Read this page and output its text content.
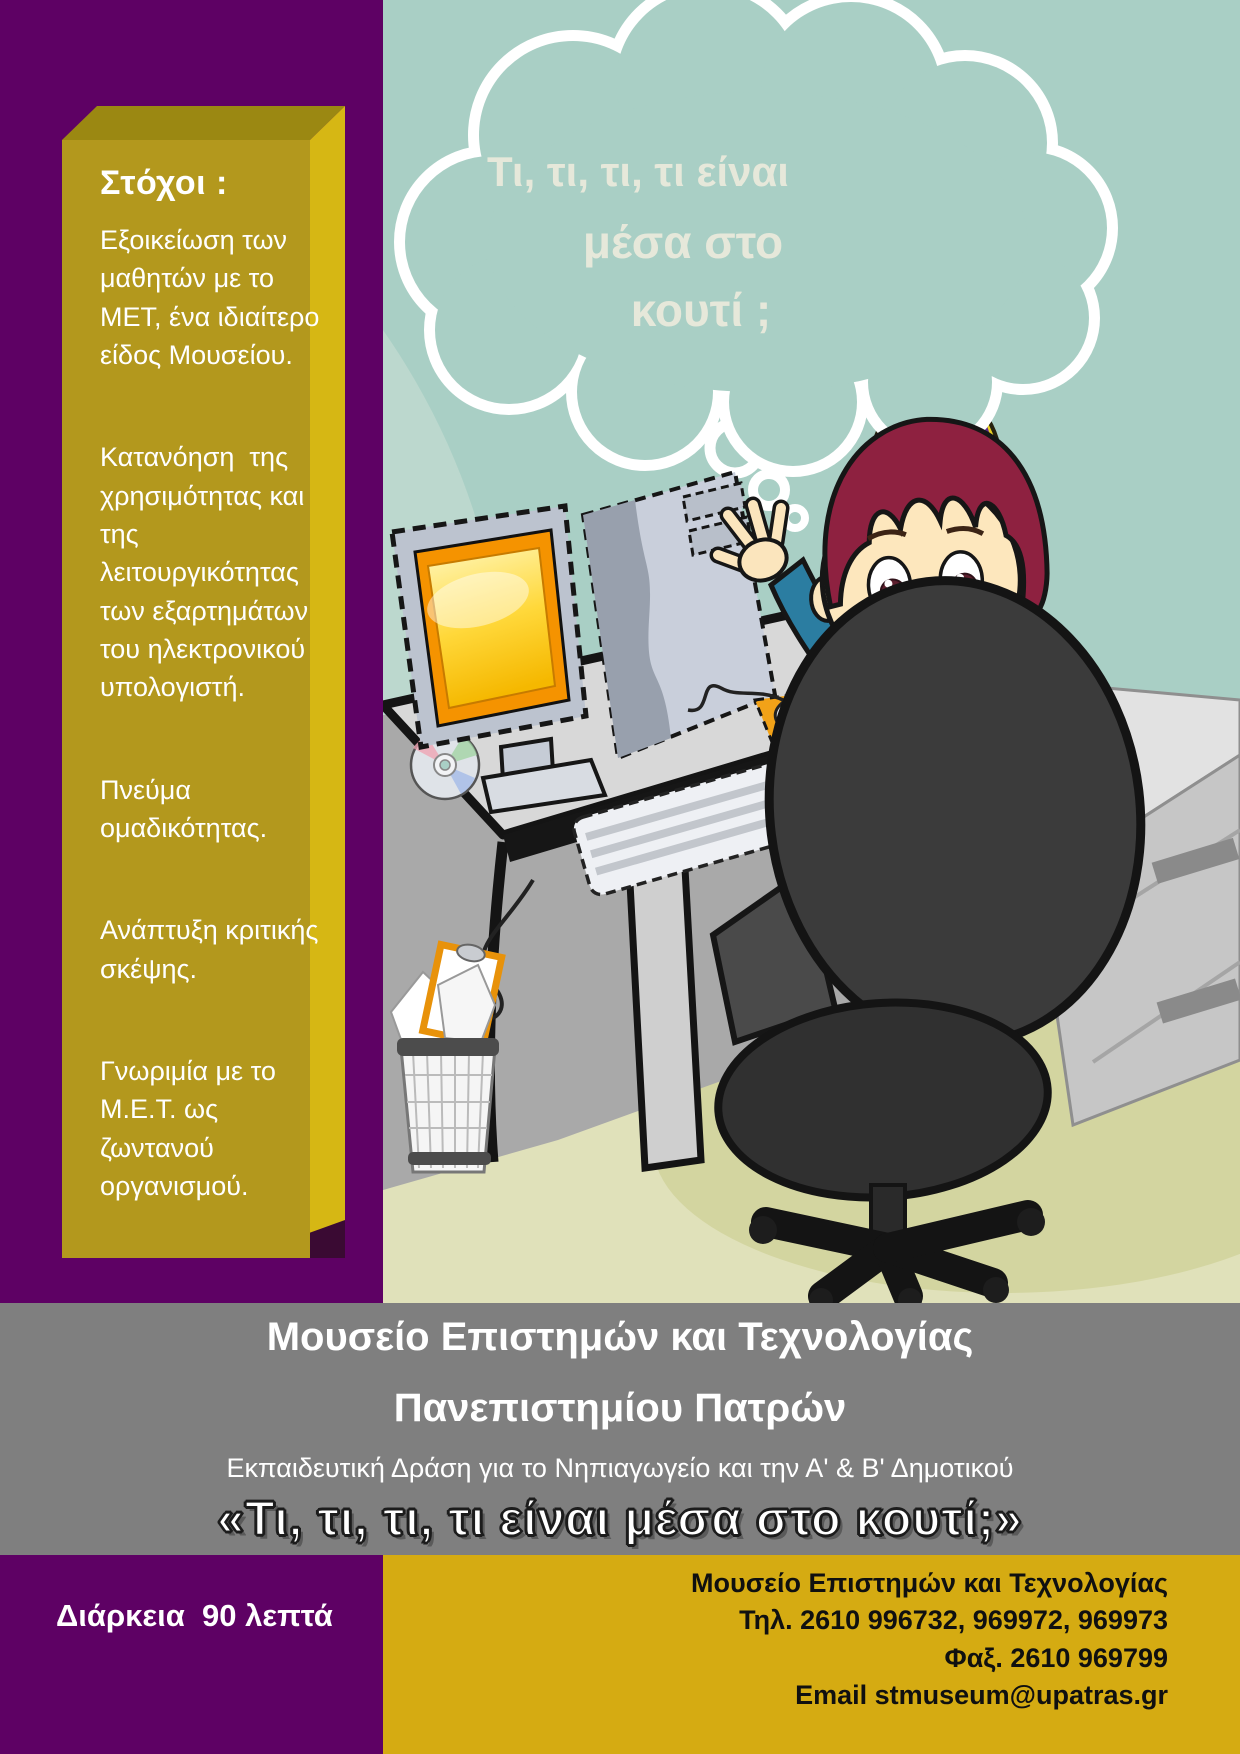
Στόχοι :

Εξοικείωση των μαθητών με το ΜΕΤ, ένα ιδιαίτερο είδος Μουσείου.

Κατανόηση  της χρησιμότητας και της λειτουργικότητας των εξαρτημάτων του ηλεκτρονικού υπολογιστή.

Πνεύμα ομαδικότητας.

Ανάπτυξη κριτικής σκέψης.

Γνωριμία με το Μ.Ε.Τ. ως ζωντανού οργανισμού.

Τι, τι, τι, τι είναι
μέσα στο
κουτί ;
Μουσείο Επιστημών και Τεχνολογίας
Πανεπιστημίου Πατρών
Εκπαιδευτική Δράση για το Νηπιαγωγείο και την Α' & Β' Δημοτικού
«Τι, τι, τι, τι είναι μέσα στο κουτί;»
Μουσείο Επιστημών και Τεχνολογίας
Τηλ. 2610 996732, 969972, 969973
Φαξ. 2610 969799
Email stmuseum@upatras.gr
Διάρκεια  90 λεπτά
